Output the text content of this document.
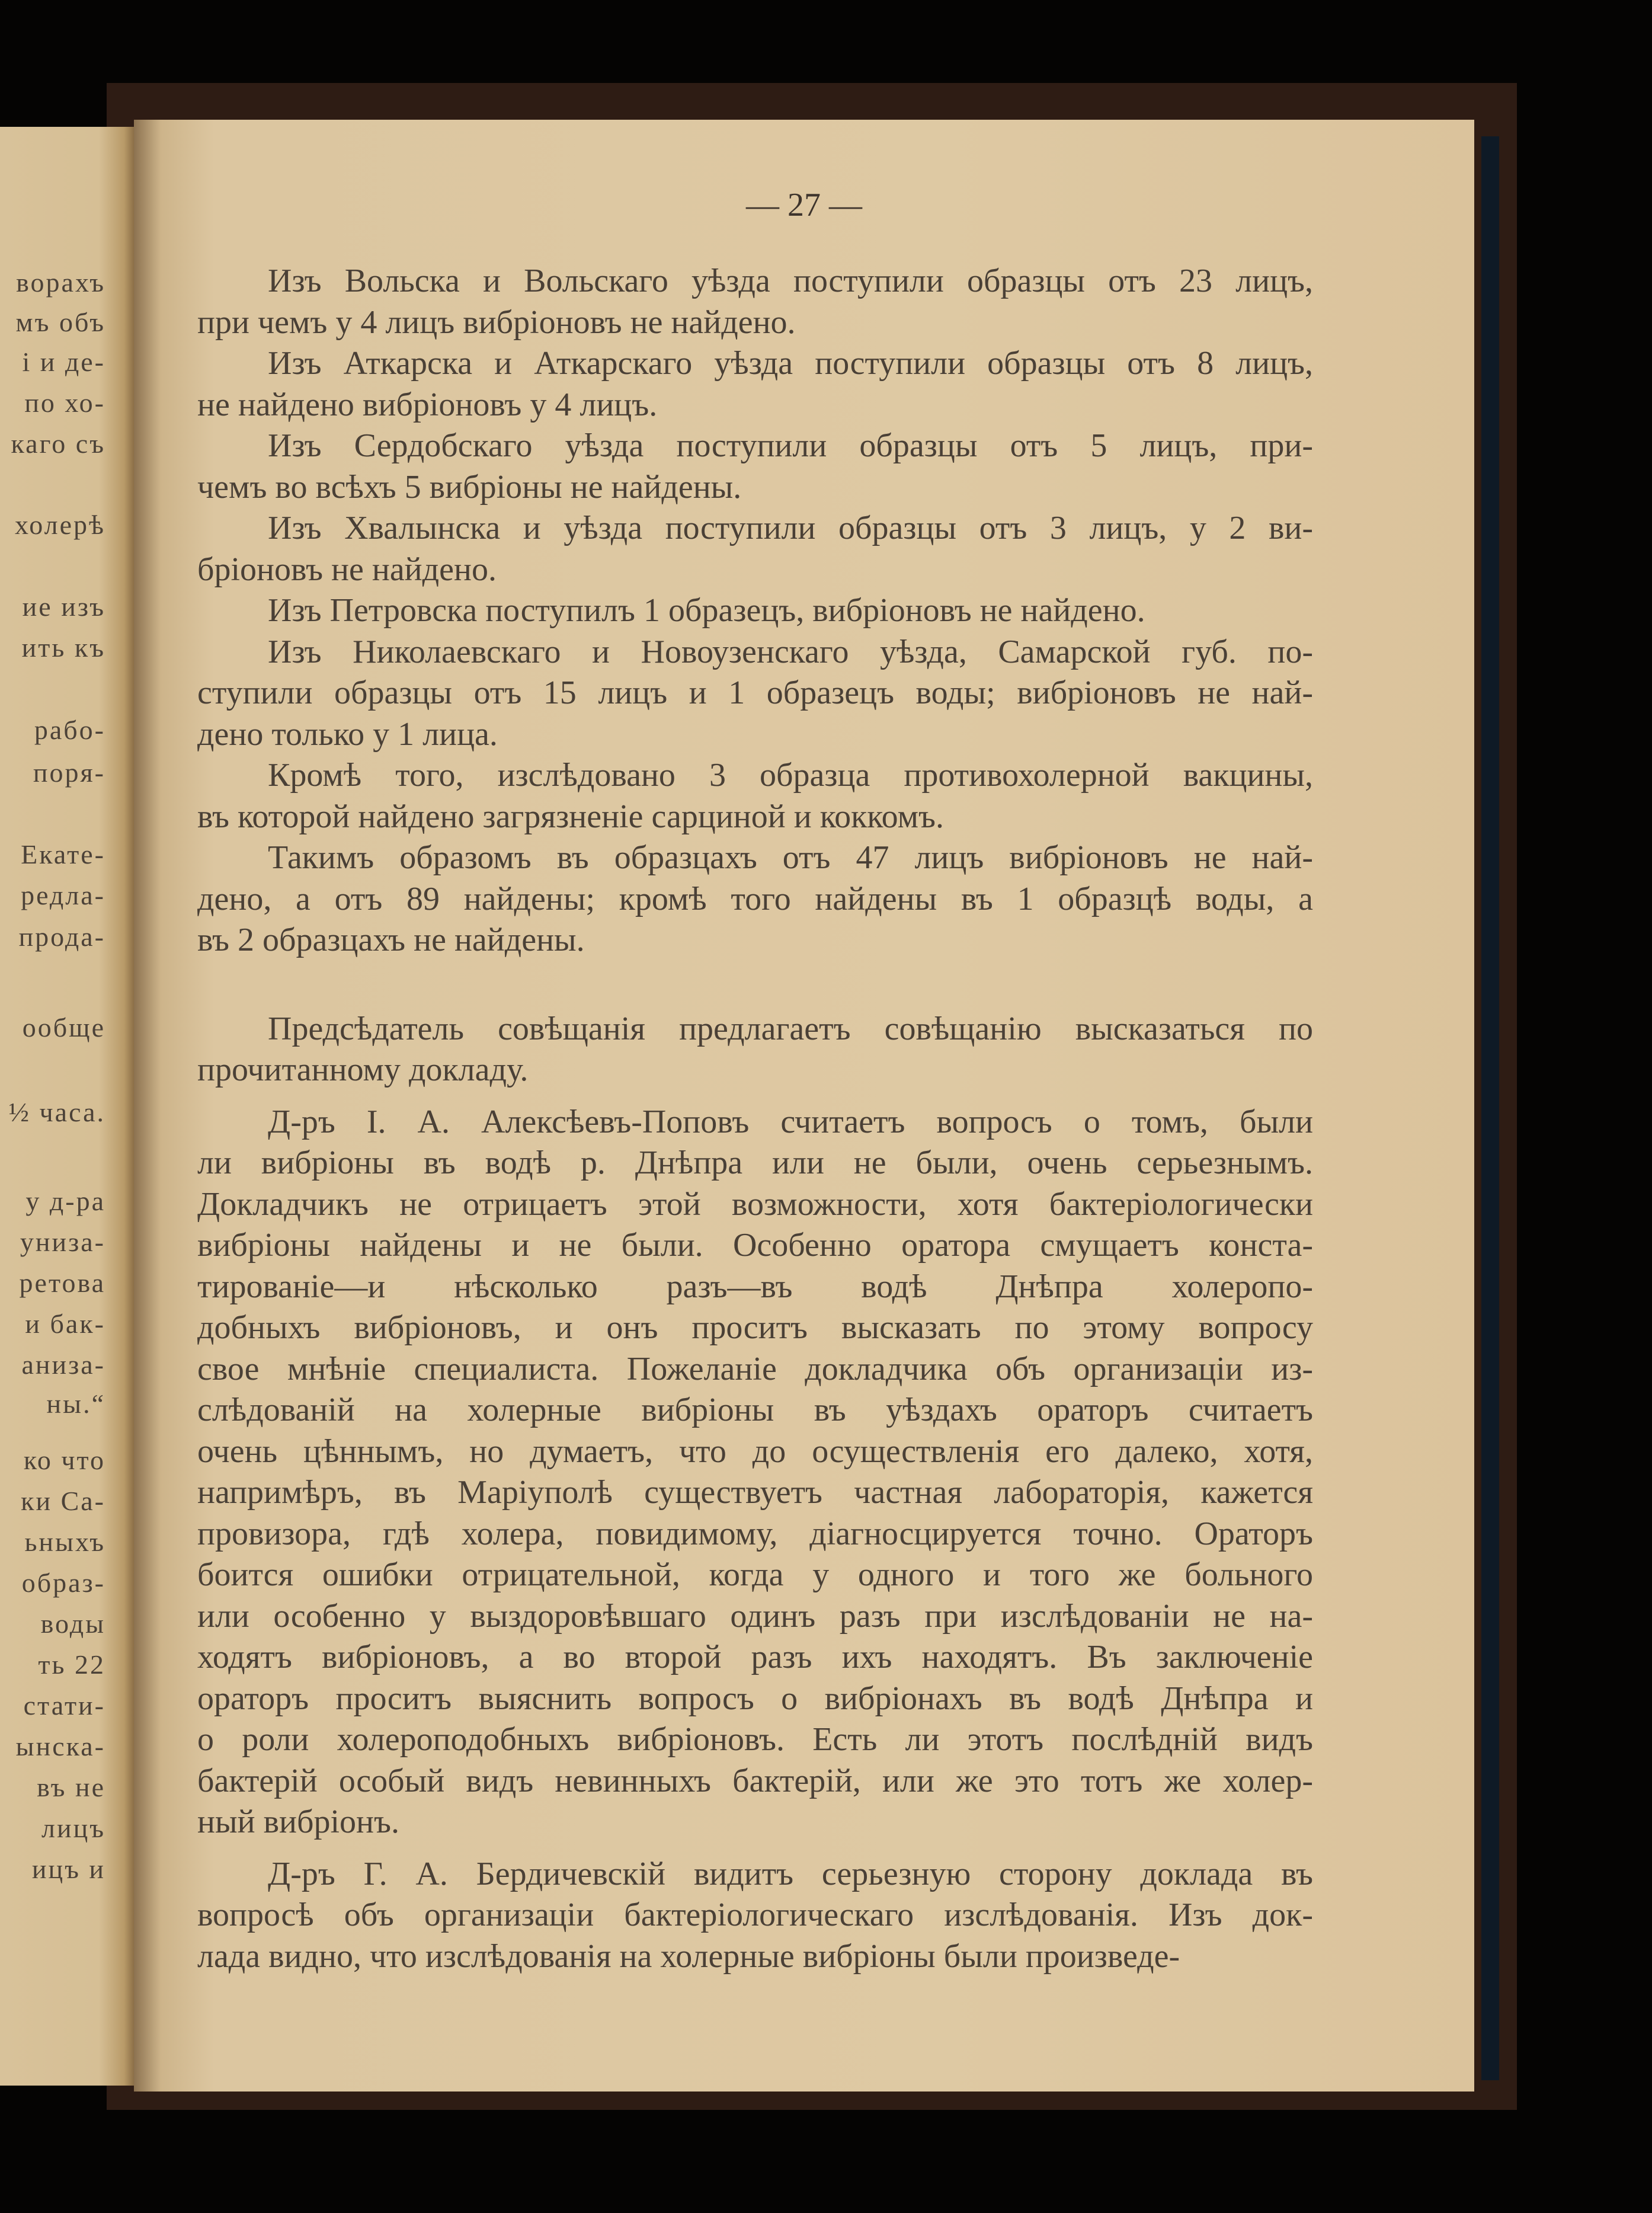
ворахъ
мъ объ
і и де-
по хо-
каго съ
холерѣ
ие изъ
ить къ
рабо-
поря-
Екате-
редла-
прода-
ообще
½ часа.
у д-ра
униза-
ретова
и бак-
аниза-
ны.“
ко что
ки Са-
ьныхъ
образ-
воды
ть 22
стати-
ынска-
въ не
лицъ
ицъ и
— 27 —
Изъ Вольска и Вольскаго уѣзда поступили образцы отъ 23 лицъ,
при чемъ у 4 лицъ вибрiоновъ не найдено.
Изъ Аткарска и Аткарскаго уѣзда поступили образцы отъ 8 лицъ,
не найдено вибрiоновъ у 4 лицъ.
Изъ Сердобскаго уѣзда поступили образцы отъ 5 лицъ, при-
чемъ во всѣхъ 5 вибрiоны не найдены.
Изъ Хвалынска и уѣзда поступили образцы отъ 3 лицъ, у 2 ви-
брiоновъ не найдено.
Изъ Петровска поступилъ 1 образецъ, вибрiоновъ не найдено.
Изъ Николаевскаго и Новоузенскаго уѣзда, Самарской губ. по-
ступили образцы отъ 15 лицъ и 1 образецъ воды; вибрiоновъ не най-
дено только у 1 лица.
Кромѣ того, изслѣдовано 3 образца противохолерной вакцины,
въ которой найдено загрязненiе сарциной и коккомъ.
Такимъ образомъ въ образцахъ отъ 47 лицъ вибрiоновъ не най-
дено, а отъ 89 найдены; кромѣ того найдены въ 1 образцѣ воды, а
въ 2 образцахъ не найдены.
Предсѣдатель совѣщанiя предлагаетъ совѣщанiю высказаться по
прочитанному докладу.
Д-ръ I. А. Алексѣевъ-Поповъ считаетъ вопросъ о томъ, были
ли вибрiоны въ водѣ р. Днѣпра или не были, очень серьезнымъ.
Докладчикъ не отрицаетъ этой возможности, хотя бактерiологически
вибрiоны найдены и не были. Особенно оратора смущаетъ конста-
тированiе—и нѣсколько разъ—въ водѣ Днѣпра холеропо-
добныхъ вибрiоновъ, и онъ проситъ высказать по этому вопросу
свое мнѣнiе специалиста. Пожеланiе докладчика объ организацiи из-
слѣдованiй на холерные вибрiоны въ уѣздахъ ораторъ считаетъ
очень цѣннымъ, но думаетъ, что до осуществленiя его далеко, хотя,
напримѣръ, въ Марiуполѣ существуетъ частная лабораторiя, кажется
провизора, гдѣ холера, повидимому, дiагносцируется точно. Ораторъ
боится ошибки отрицательной, когда у одного и того же больного
или особенно у выздоровѣвшаго одинъ разъ при изслѣдованiи не на-
ходятъ вибрiоновъ, а во второй разъ ихъ находятъ. Въ заключенiе
ораторъ проситъ выяснить вопросъ о вибрiонахъ въ водѣ Днѣпра и
о роли холероподобныхъ вибрiоновъ. Есть ли этотъ послѣднiй видъ
бактерiй особый видъ невинныхъ бактерiй, или же это тотъ же холер-
ный вибрiонъ.
Д-ръ Г. А. Бердичевскiй видитъ серьезную сторону доклада въ
вопросѣ объ организацiи бактерiологическаго изслѣдованiя. Изъ док-
лада видно, что изслѣдованiя на холерные вибрiоны были произведе-
